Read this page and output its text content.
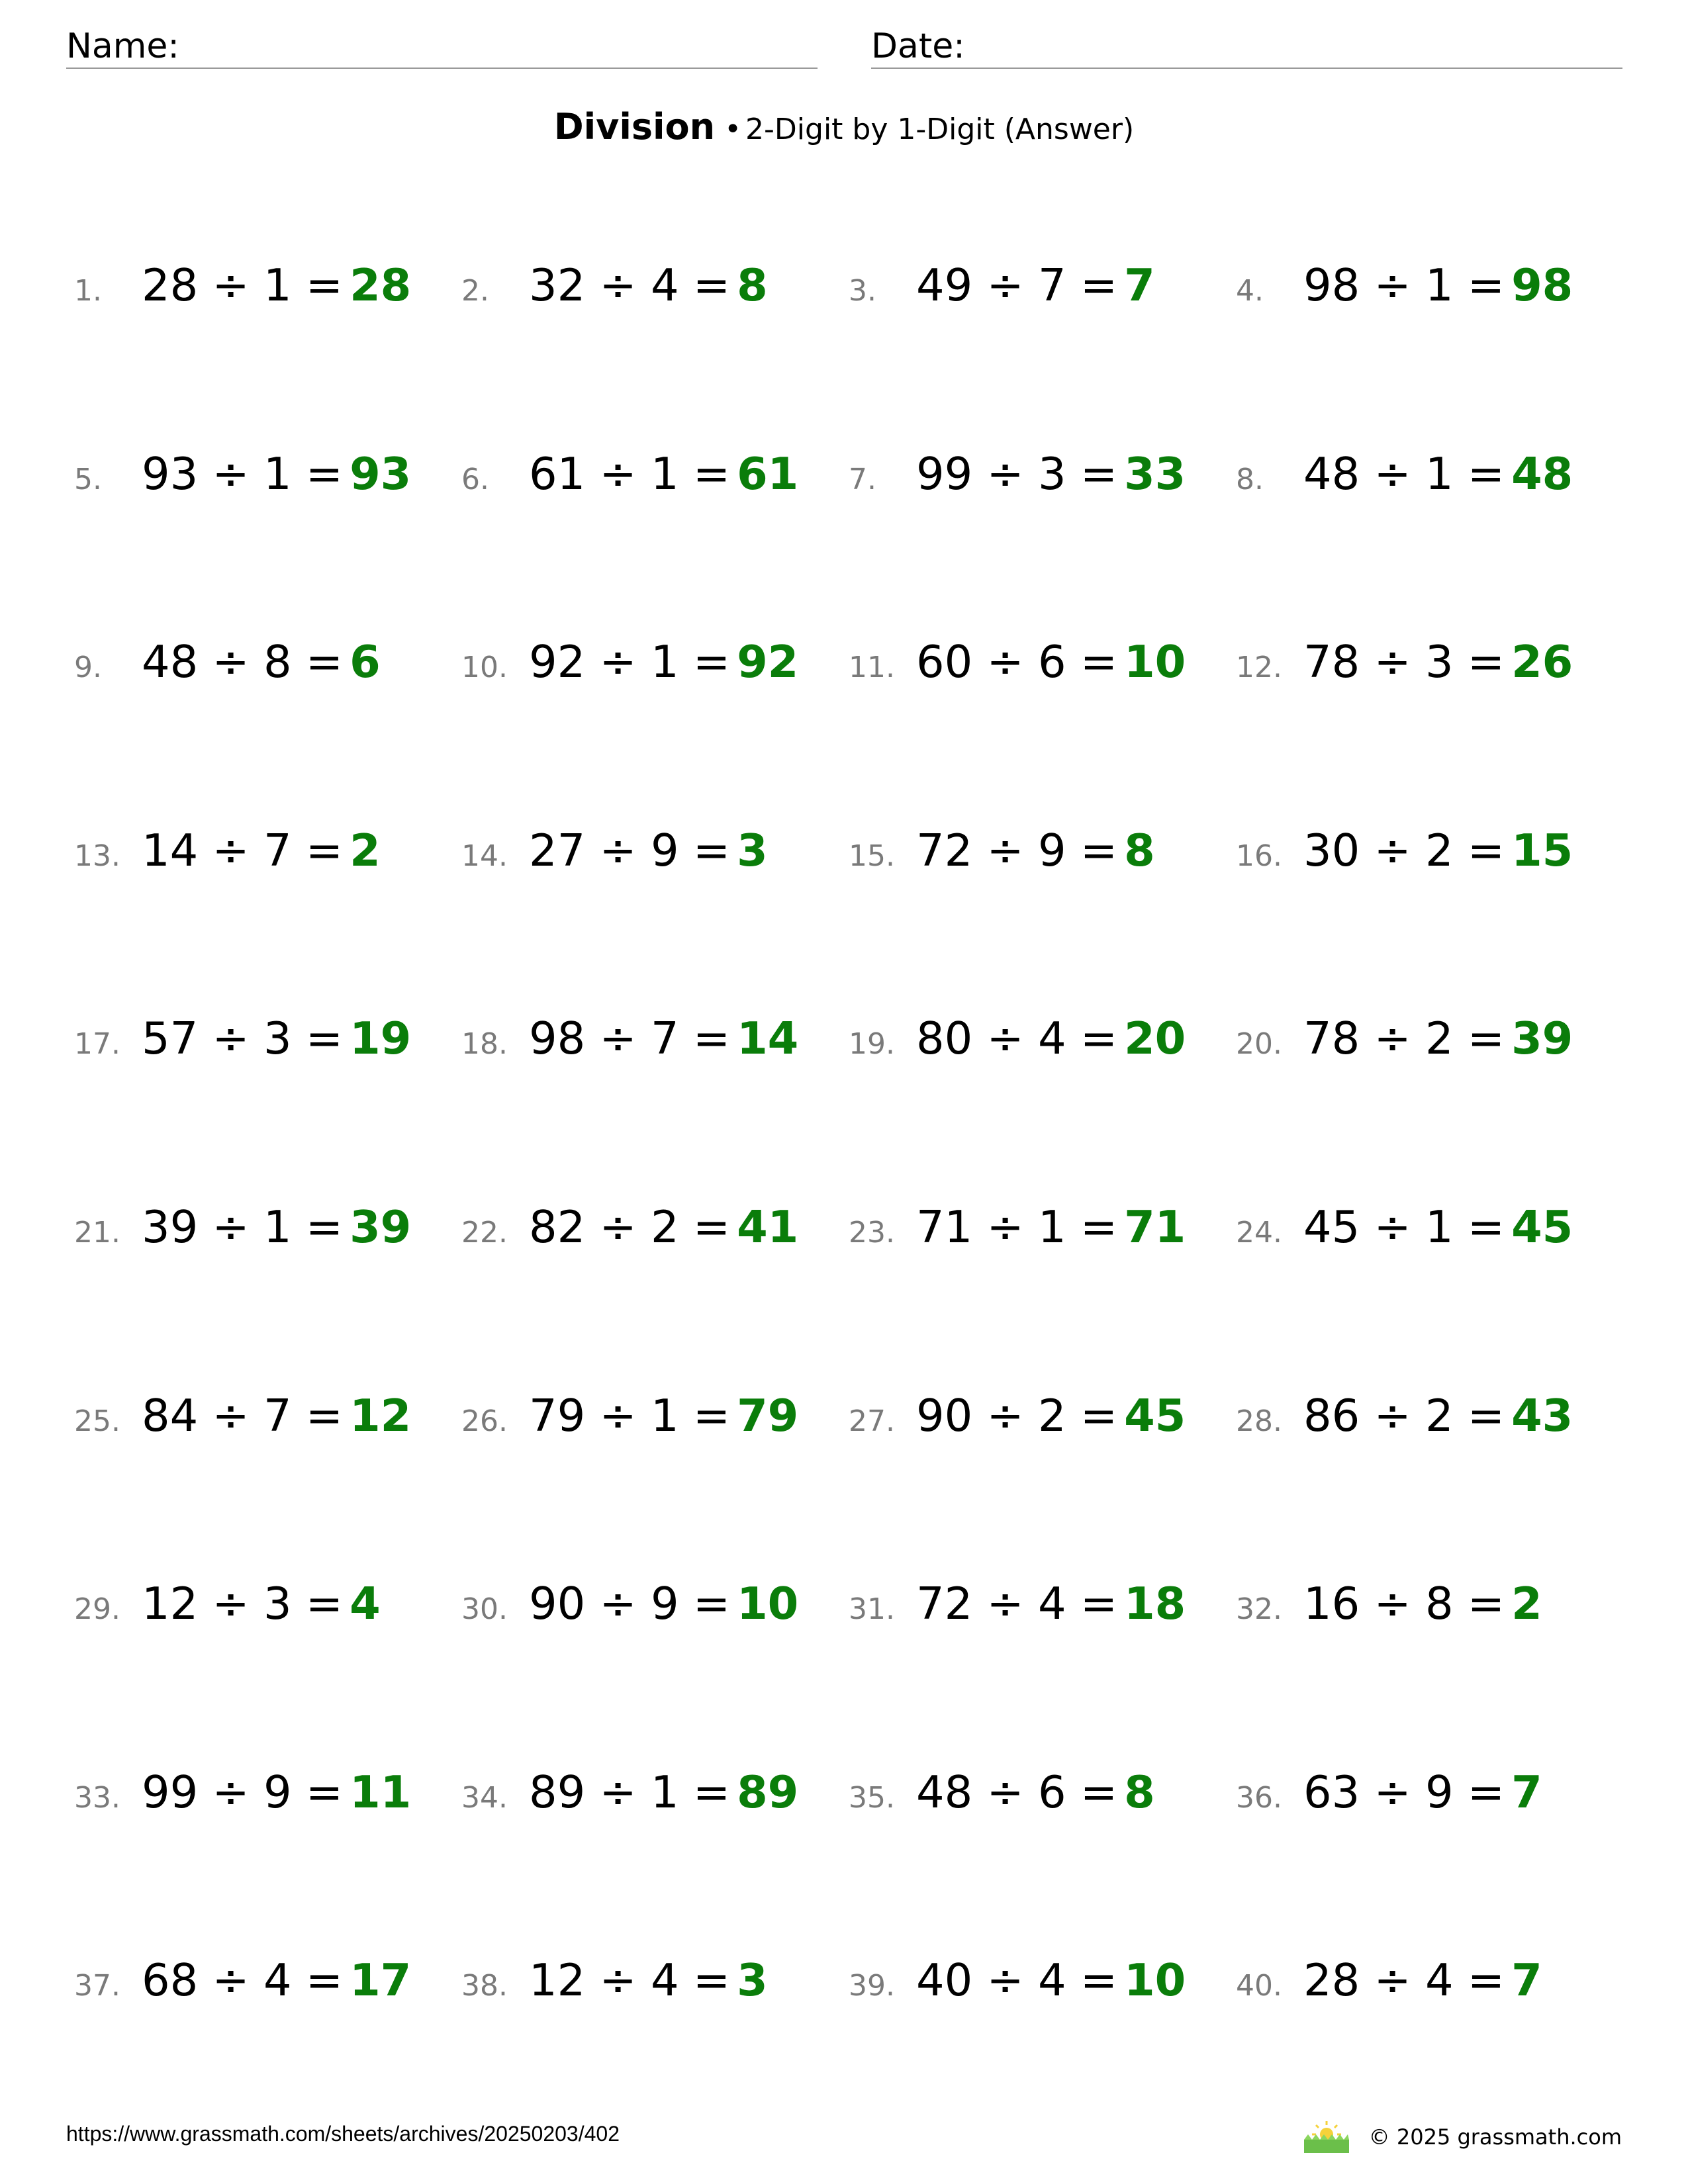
Name:	Date:
Division • 2-Digit by 1-Digit (Answer)
1. 28 ÷ 1 = 28 2. 32 ÷ 4 = 8	3. 49 ÷ 7 = 7	4. 98 ÷ 1 = 98
5. 93 ÷ 1 = 93 6. 61 ÷ 1 = 61 7. 99 ÷ 3 = 33 8. 48 ÷ 1 = 48
9. 48 ÷ 8 = 6	10. 92 ÷ 1 = 92 11. 60 ÷ 6 = 10 12. 78 ÷ 3 = 26
13. 14 ÷ 7 = 2	14. 27 ÷ 9 = 3	15. 72 ÷ 9 = 8	16. 30 ÷ 2 = 15
17. 57 ÷ 3 = 19 18. 98 ÷ 7 = 14 19. 80 ÷ 4 = 20 20. 78 ÷ 2 = 39
21. 39 ÷ 1 = 39 22. 82 ÷ 2 = 41 23. 71 ÷ 1 = 71 24. 45 ÷ 1 = 45
25. 84 ÷ 7 = 12 26. 79 ÷ 1 = 79 27. 90 ÷ 2 = 45 28. 86 ÷ 2 = 43
29. 12 ÷ 3 = 4	30. 90 ÷ 9 = 10 31. 72 ÷ 4 = 18 32. 16 ÷ 8 = 2
33. 99 ÷ 9 = 11 34. 89 ÷ 1 = 89 35. 48 ÷ 6 = 8	36. 63 ÷ 9 = 7
37. 68 ÷ 4 = 17 38. 12 ÷ 4 = 3	39. 40 ÷ 4 = 10 40. 28 ÷ 4 = 7
https://www.grassmath.com/sheets/archives/20250203/402	© 2025 grassmath.com
